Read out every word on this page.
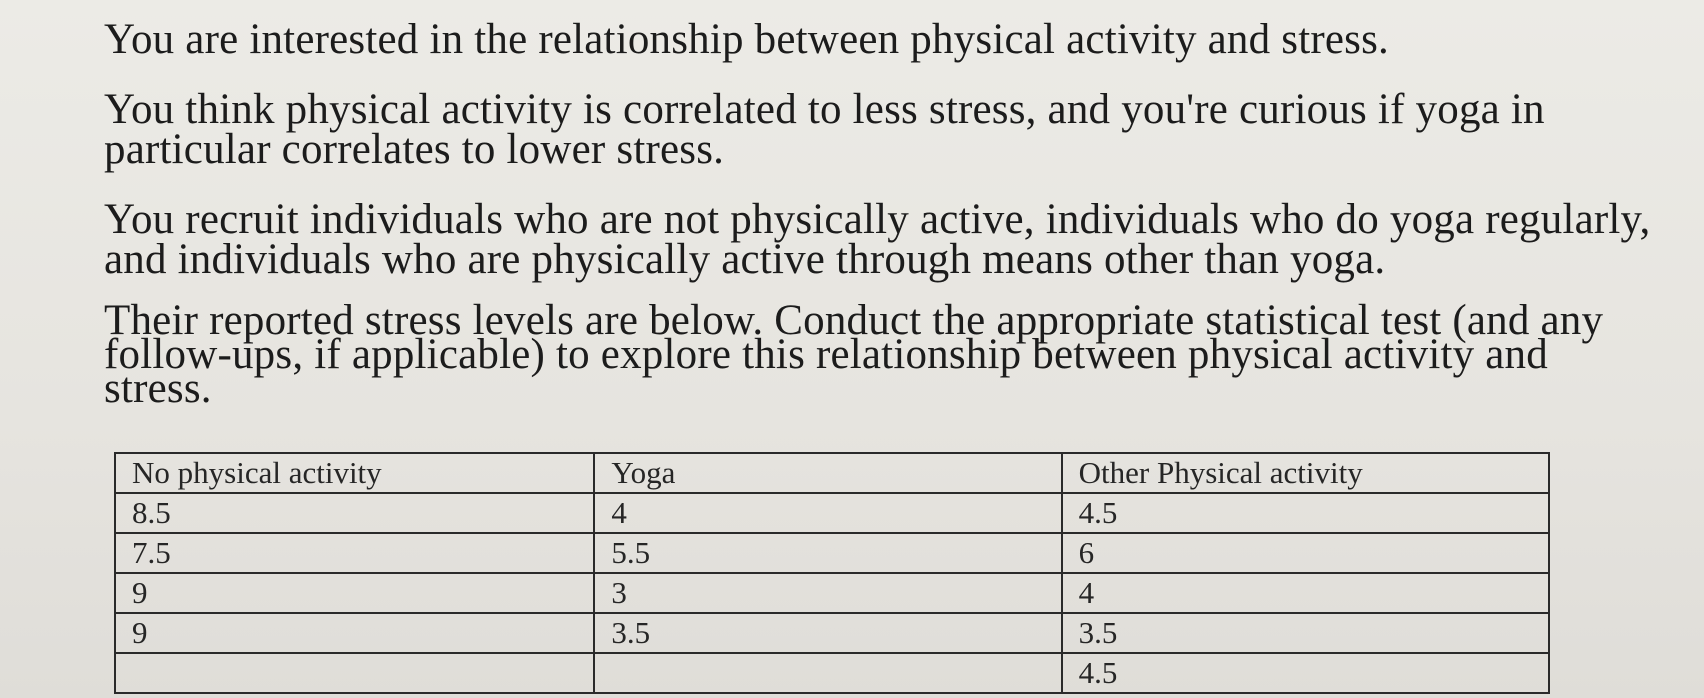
You are interested in the relationship between physical activity and stress.

You think physical activity is correlated to less stress, and you're curious if yoga in particular correlates to lower stress.

You recruit individuals who are not physically active, individuals who do yoga regularly, and individuals who are physically active through means other than yoga.

Their reported stress levels are below. Conduct the appropriate statistical test (and any follow-ups, if applicable) to explore this relationship between physical activity and stress.

No physical activity	Yoga	Other Physical activity
8.5	4	4.5
7.5	5.5	6
9	3	4
9	3.5	3.5
		4.5
